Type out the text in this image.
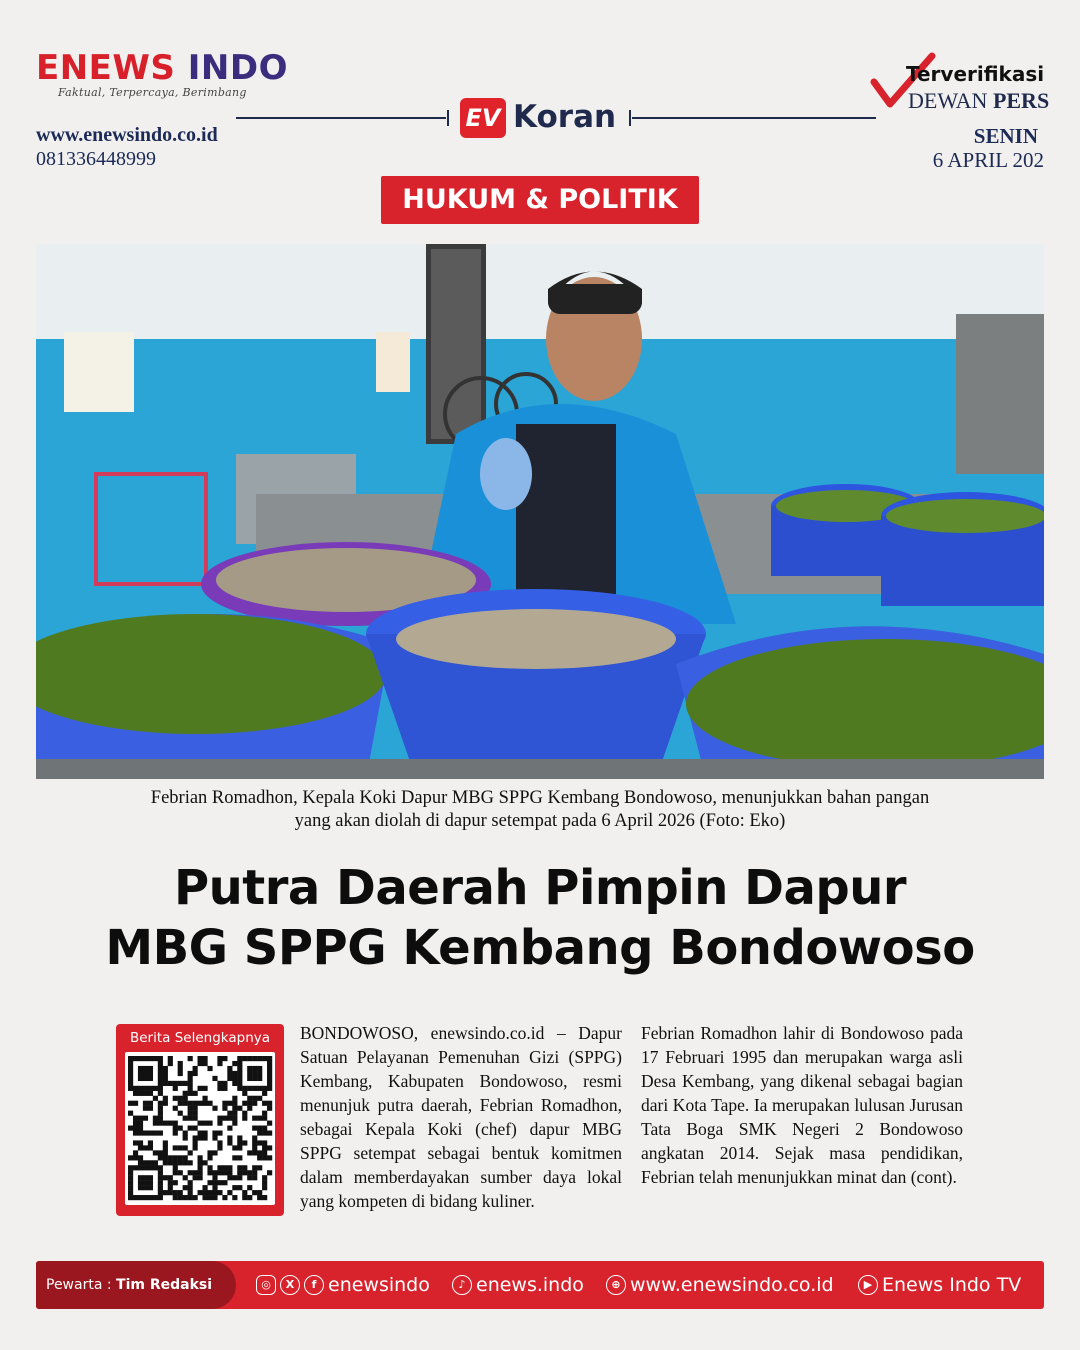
ENEWS INDO
Faktual, Terpercaya, Berimbang
www.enewsindo.co.id
081336448999
EV Koran
Terverifikasi
DEWAN PERS
SENIN
6 APRIL 202
HUKUM & POLITIK
Febrian Romadhon, Kepala Koki Dapur MBG SPPG Kembang Bondowoso, menunjukkan bahan pangan
yang akan diolah di dapur setempat pada 6 April 2026 (Foto: Eko)
Putra Daerah Pimpin Dapur
MBG SPPG Kembang Bondowoso
Berita Selengkapnya	BONDOWOSO, enewsindo.co.id – Dapur Satuan Pelayanan Pemenuhan Gizi (SPPG) Kembang, Kabupaten Bondowoso, resmi menunjuk putra daerah, Febrian Romadhon, sebagai Kepala Koki (chef) dapur MBG SPPG setempat sebagai bentuk komitmen dalam memberdayakan sumber daya lokal yang kompeten di bidang kuliner.
Febrian Romadhon lahir di Bondowoso pada 17 Februari 1995 dan merupakan warga asli Desa Kembang, yang dikenal sebagai bagian dari Kota Tape. Ia merupakan lulusan Jurusan Tata Boga SMK Negeri 2 Bondowoso angkatan 2014. Sejak masa pendidikan, Febrian telah menunjukkan minat dan (cont).
Pewarta : Tim Redaksi	◎	X	f enewsindo	♪ enews.indo	⊕ www.enewsindo.co.id	▶ Enews Indo TV
